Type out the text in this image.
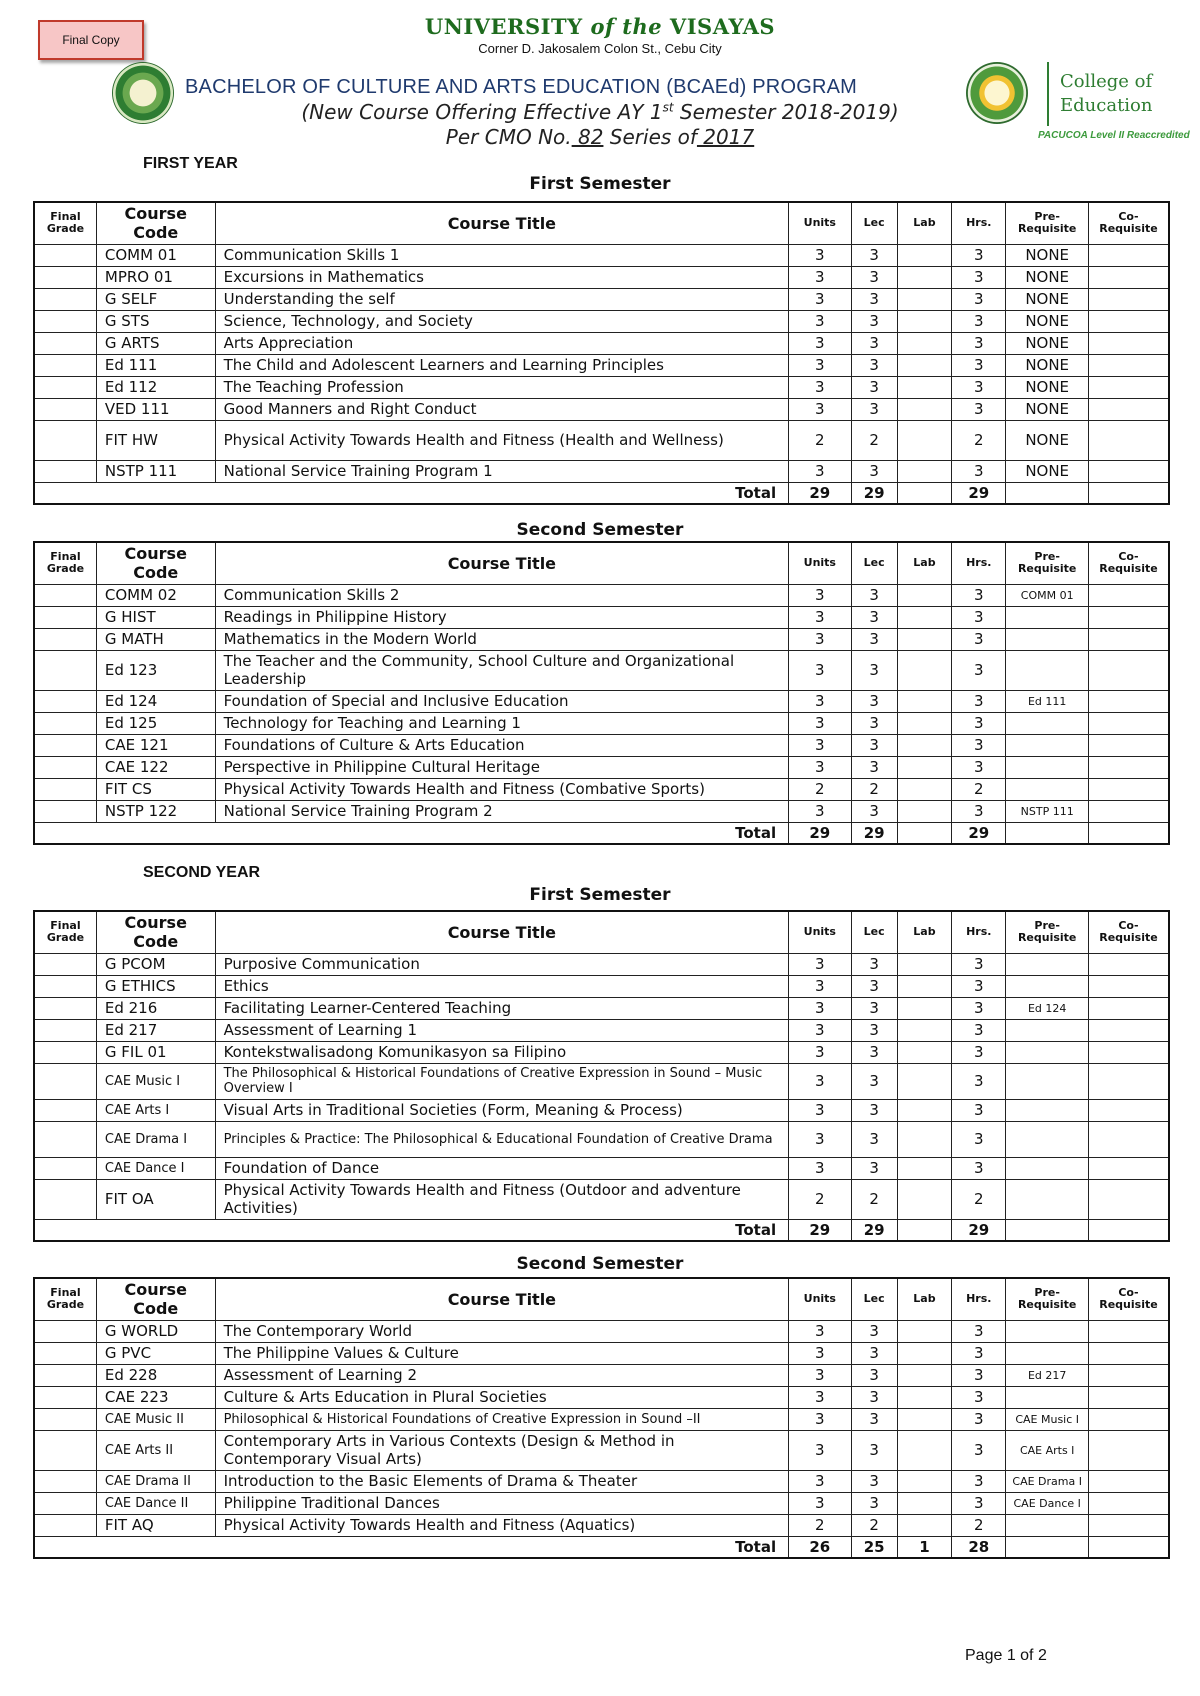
Final Copy
UNIVERSITY of the VISAYAS
Corner D. Jakosalem Colon St., Cebu City
BACHELOR OF CULTURE AND ARTS EDUCATION (BCAEd) PROGRAM	College of
Education
PACUCOA Level II Reaccredited
(New Course Offering Effective AY 1st Semester 2018-2019)
Per CMO No. 82 Series of 2017
FIRST YEAR
First Semester
Final Grade	Course Code	Course Title	Units	Lec	Lab	Hrs.	Pre-Requisite	Co-Requisite
	COMM 01	Communication Skills 1	3	3		3	NONE	
	MPRO 01	Excursions in Mathematics	3	3		3	NONE	
	G SELF	Understanding the self	3	3		3	NONE	
	G STS	Science, Technology, and Society	3	3		3	NONE	
	G ARTS	Arts Appreciation	3	3		3	NONE	
	Ed 111	The Child and Adolescent Learners and Learning Principles	3	3		3	NONE	
	Ed 112	The Teaching Profession	3	3		3	NONE	
	VED 111	Good Manners and Right Conduct	3	3		3	NONE	
	FIT HW	Physical Activity Towards Health and Fitness (Health and Wellness)	2	2		2	NONE	
	NSTP 111	National Service Training Program 1	3	3		3	NONE	
		Total	29	29		29		
Second Semester
Final Grade	Course Code	Course Title	Units	Lec	Lab	Hrs.	Pre-Requisite	Co-Requisite
	COMM 02	Communication Skills 2	3	3		3	COMM 01	
	G HIST	Readings in Philippine History	3	3		3		
	G MATH	Mathematics in the Modern World	3	3		3		
	Ed 123	The Teacher and the Community, School Culture and Organizational Leadership	3	3		3		
	Ed 124	Foundation of Special and Inclusive Education	3	3		3	Ed 111	
	Ed 125	Technology for Teaching and Learning 1	3	3		3		
	CAE 121	Foundations of Culture & Arts Education	3	3		3		
	CAE 122	Perspective in Philippine Cultural Heritage	3	3		3		
	FIT CS	Physical Activity Towards Health and Fitness (Combative Sports)	2	2		2		
	NSTP 122	National Service Training Program 2	3	3		3	NSTP 111	
		Total	29	29		29		
SECOND YEAR
First Semester
Final Grade	Course Code	Course Title	Units	Lec	Lab	Hrs.	Pre-Requisite	Co-Requisite
	G PCOM	Purposive Communication	3	3		3		
	G ETHICS	Ethics	3	3		3		
	Ed 216	Facilitating Learner-Centered Teaching	3	3		3	Ed 124	
	Ed 217	Assessment of Learning 1	3	3		3		
	G FIL 01	Kontekstwalisadong Komunikasyon sa Filipino	3	3		3		
	CAE Music I	The Philosophical & Historical Foundations of Creative Expression in Sound – Music Overview I	3	3		3		
	CAE Arts I	Visual Arts in Traditional Societies (Form, Meaning & Process)	3	3		3		
	CAE Drama I	Principles & Practice: The Philosophical & Educational Foundation of Creative Drama	3	3		3		
	CAE Dance I	Foundation of Dance	3	3		3		
	FIT OA	Physical Activity Towards Health and Fitness (Outdoor and adventure Activities)	2	2		2		
		Total	29	29		29		
Second Semester
Final Grade	Course Code	Course Title	Units	Lec	Lab	Hrs.	Pre-Requisite	Co-Requisite
	G WORLD	The Contemporary World	3	3		3		
	G PVC	The Philippine Values & Culture	3	3		3		
	Ed 228	Assessment of Learning 2	3	3		3	Ed 217	
	CAE 223	Culture & Arts Education in Plural Societies	3	3		3		
	CAE Music II	Philosophical & Historical Foundations of Creative Expression in Sound –II	3	3		3	CAE Music I	
	CAE Arts II	Contemporary Arts in Various Contexts (Design & Method in Contemporary Visual Arts)	3	3		3	CAE Arts I	
	CAE Drama II	Introduction to the Basic Elements of Drama & Theater	3	3		3	CAE Drama I	
	CAE Dance II	Philippine Traditional Dances	3	3		3	CAE Dance I	
	FIT AQ	Physical Activity Towards Health and Fitness (Aquatics)	2	2		2		
		Total	26	25	1	28		
Page 1 of 2
